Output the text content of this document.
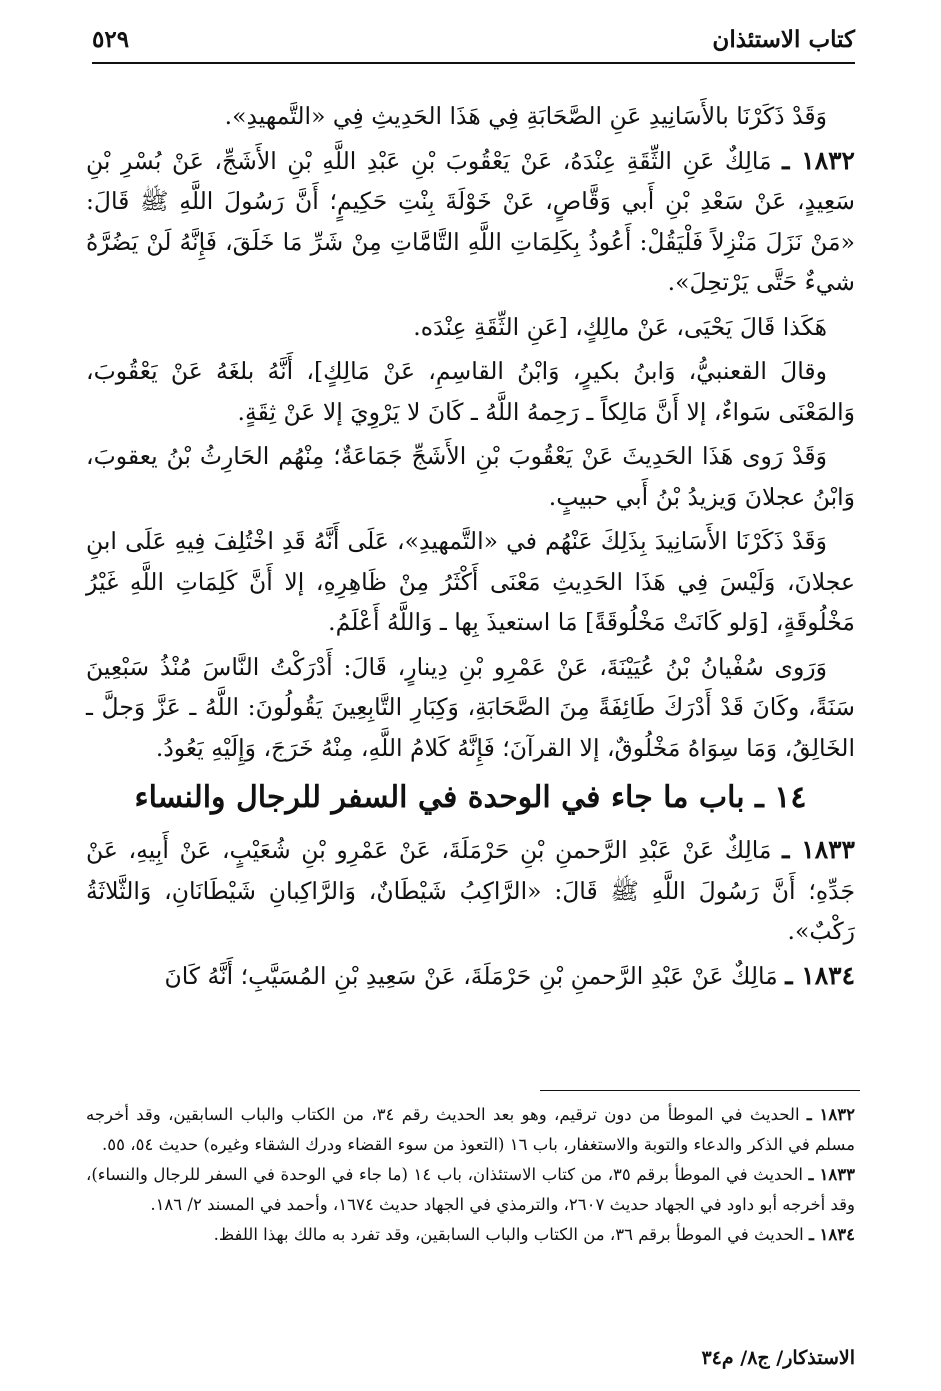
كتاب الاستئذان
٥٢٩

وَقَدْ ذَكَرْنَا بالأَسَانِيدِ عَنِ الصَّحَابَةِ فِي هَذَا الحَدِيثِ فِي «التَّمهيدِ».

١٨٣٢ ـ مَالِكٌ عَنِ الثِّقَةِ عِنْدَهُ، عَنْ يَعْقُوبَ بْنِ عَبْدِ اللَّهِ بْنِ الأَشَجِّ، عَنْ بُسْرِ بْنِ سَعِيدٍ، عَنْ سَعْدِ بْنِ أَبي وَقَّاصٍ، عَنْ خَوْلَةَ بِنْتِ حَكِيمٍ؛ أَنَّ رَسُولَ اللَّهِ ﷺ قَالَ: «مَنْ نَزَلَ مَنْزِلاً فَلْيَقُلْ: أَعُوذُ بِكَلِمَاتِ اللَّهِ التَّامَّاتِ مِنْ شَرِّ مَا خَلَقَ، فَإِنَّهُ لَنْ يَضُرَّهُ شيءٌ حَتَّى يَرْتحِلَ».

هَكَذا قَالَ يَحْيَى، عَنْ مالِكٍ، [عَنِ الثِّقَةِ عِنْدَه.

وقالَ القعنبيُّ، وَابنُ بكيرٍ، وَابْنُ القاسِمِ، عَنْ مَالِكٍ]، أَنَّهُ بلغَهُ عَنْ يَعْقُوبَ، وَالمَعْنَى سَواءٌ، إلا أَنَّ مَالِكاً ـ رَحِمهُ اللَّهُ ـ كَانَ لا يَرْوِيَ إلا عَنْ ثِقَةٍ.

وَقَدْ رَوى هَذَا الحَدِيثَ عَنْ يَعْقُوبَ بْنِ الأَشَجِّ جَمَاعَةٌ؛ مِنْهُم الحَارِثُ بْنُ يعقوبَ، وَابْنُ عجلانَ وَيزيدُ بْنُ أَبي حبيبٍ.

وَقَدْ ذَكَرْنَا الأَسَانِيدَ بِذَلِكَ عَنْهُم في «التَّمهيدِ»، عَلَى أَنَّهُ قَدِ اخْتُلِفَ فِيهِ عَلَى ابنِ عجلانَ، وَلَيْسَ فِي هَذَا الحَدِيثِ مَعْنَى أَكْثَرُ مِنْ ظَاهِرِهِ، إلا أَنَّ كَلِمَاتِ اللَّهِ غَيْرُ مَخْلُوقَةٍ، [وَلو كَانَتْ مَخْلُوقَةً] مَا استعيذَ بِها ـ وَاللَّهُ أَعْلَمُ.

وَرَوى سُفْيانُ بْنُ عُيَيْنَةَ، عَنْ عَمْرِو بْنِ دِينارٍ، قَالَ: أَدْرَكْتُ النَّاسَ مُنْذُ سَبْعِينَ سَنَةً، وكَانَ قَدْ أَدْرَكَ طَائِفَةً مِنَ الصَّحَابَةِ، وَكِبَارِ التَّابِعِينَ يَقُولُونَ: اللَّهُ ـ عَزَّ وَجلَّ ـ الخَالِقُ، وَمَا سِوَاهُ مَخْلُوقٌ، إلا القرآنَ؛ فَإِنَّهُ كَلامُ اللَّهِ، مِنْهُ خَرَجَ، وَإِلَيْهِ يَعُودُ.

١٤ ـ باب ما جاء في الوحدة في السفر للرجال والنساء

١٨٣٣ ـ مَالِكٌ عَنْ عَبْدِ الرَّحمنِ بْنِ حَرْمَلَةَ، عَنْ عَمْرِو بْنِ شُعَيْبٍ، عَنْ أَبِيهِ، عَنْ جَدِّهِ؛ أَنَّ رَسُولَ اللَّهِ ﷺ قَالَ: «الرَّاكِبُ شَيْطَانٌ، وَالرَّاكِبانِ شَيْطَانَانِ، وَالثَّلاثَةُ رَكْبٌ».

١٨٣٤ ـ مَالِكٌ عَنْ عَبْدِ الرَّحمنِ بْنِ حَرْمَلَةَ، عَنْ سَعِيدِ بْنِ المُسَيَّبِ؛ أَنَّهُ كَانَ

١٨٣٢ ـ الحديث في الموطأ من دون ترقيم، وهو بعد الحديث رقم ٣٤، من الكتاب والباب السابقين، وقد أخرجه مسلم في الذكر والدعاء والتوبة والاستغفار، باب ١٦ (التعوذ من سوء القضاء ودرك الشقاء وغيره) حديث ٥٤، ٥٥.

١٨٣٣ ـ الحديث في الموطأ برقم ٣٥، من كتاب الاستئذان، باب ١٤ (ما جاء في الوحدة في السفر للرجال والنساء)، وقد أخرجه أبو داود في الجهاد حديث ٢٦٠٧، والترمذي في الجهاد حديث ١٦٧٤، وأحمد في المسند ٢/ ١٨٦.

١٨٣٤ ـ الحديث في الموطأ برقم ٣٦، من الكتاب والباب السابقين، وقد تفرد به مالك بهذا اللفظ.

الاستذكار/ ج٨/ م٣٤
